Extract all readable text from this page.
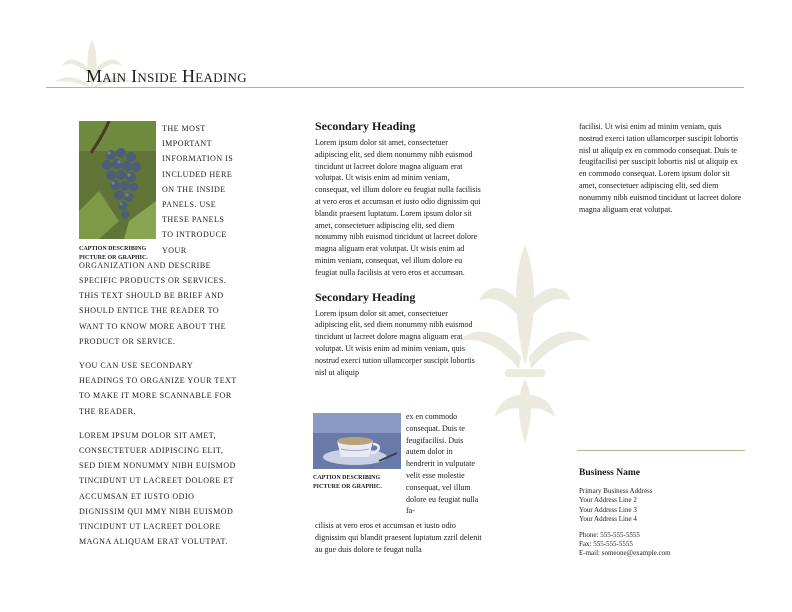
Main Inside Heading

THE MOST IMPORTANT INFORMATION IS INCLUDED HERE ON THE INSIDE PANELS. USE THESE PANELS TO INTRODUCE YOUR ORGANIZATION AND DESCRIBE SPECIFIC PRODUCTS OR SERVICES. THIS TEXT SHOULD BE BRIEF AND SHOULD ENTICE THE READER TO WANT TO KNOW MORE ABOUT THE PRODUCT OR SERVICE.

YOU CAN USE SECONDARY HEADINGS TO ORGANIZE YOUR TEXT TO MAKE IT MORE SCANNABLE FOR THE READER.

LOREM IPSUM DOLOR SIT AMET, CONSECTETUER ADIPISCING ELIT, SED DIEM NONUMMY NIBH EUISMOD TINCIDUNT UT LACREET DOLORE ET ACCUMSAN ET IUSTO ODIO DIGNISSIM QUI MMY NIBH EUISMOD TINCIDUNT UT LACREET DOLORE MAGNA ALIQUAM ERAT VOLUTPAT.

CAPTION DESCRIBING PICTURE OR GRAPHIC.
Secondary Heading

Lorem ipsum dolor sit amet, consectetuer adipiscing elit, sed diem nonummy nibh euismod tincidunt ut lacreet dolore magna aliguam erat volutpat. Ut wisis enim ad minim veniam, consequat, vel illum dolore eu feugiat nulla facilisis at vero eros et accumsan et iusto odio dignissim qui blandit praesent luptatum. Lorem ipsum dolor sit amet, consectetuer adipiscing elit, sed diem nonummy nibh euismod tincidunt ut lacreet dolore magna aliguam erat volutpat. Ut wisis enim ad minim veniam, consequat, vel illum dolore eu feugiat nulla facilisis at vero eros et accumsan.

Secondary Heading

Lorem ipsum dolor sit amet, consectetuer adipiscing elit, sed diem nonummy nibh euismod tincidunt ut lacreet dolore magna aliguam erat volutpat. Ut wisis enim ad minim veniam, quis nostrud exerci tution ullamcorper suscipit lobortis nisl ut aliquip

CAPTION DESCRIBING PICTURE OR GRAPHIC.
ex en commodo consequat. Duis te feugifacilisi. Duis autem dolor in hendrerit in vulputate velit esse molestie consequat, vel illum dolore eu feugiat nulla fa-
cilisis at vero eros et accumsan et iusto odio dignissim qui blandit praesent luptatum zzril delenit au gue duis dolore te feugat nulla

facilisi. Ut wisi enim ad minim veniam, quis nostrud exerci tation ullamcorper suscipit lobortis nisl ut aliquip ex en commodo consequat. Duis te feugifacilisi per suscipit lobortis nisl ut aliquip ex en commodo consequat. Lorem ipsum dolor sit amet, consectetuer adipiscing elit, sed diem nonummy nibh euismod tincidunt ut lacreet dolore magna aliguam erat volutpat.

Business Name
Primary Business Address
Your Address Line 2
Your Address Line 3
Your Address Line 4
Phone: 555-555-5555
Fax: 555-555-5555
E-mail: someone@example.com
